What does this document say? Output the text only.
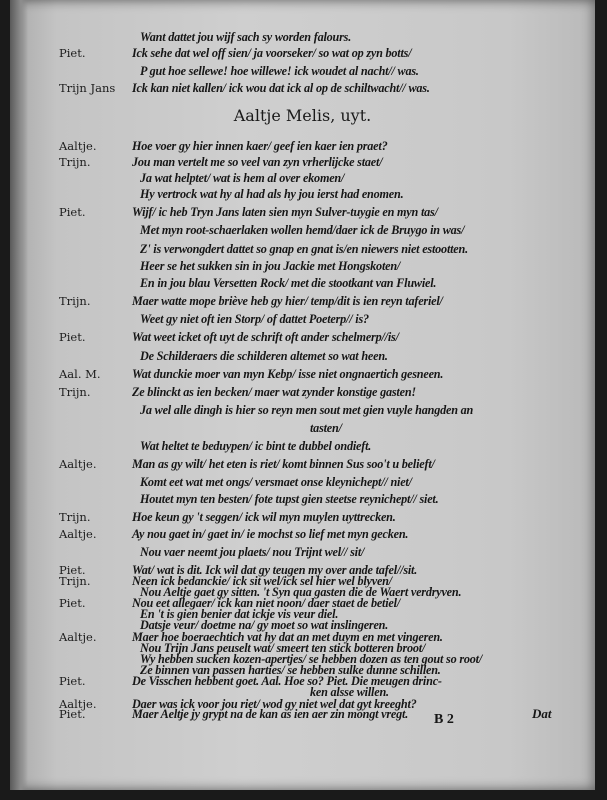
Want dattet jou wijf sach sy worden falours.
Piet.	Ick sehe dat wel off sien/ ja voorseker/ so wat op zyn botts/
P gut hoe sellewe! hoe willewe! ick woudet al nacht// was.
Trijn Jans Ick kan niet kallen/ ick wou dat ick al op de schiltwacht// was.
Aaltje.	Hoe voer gy hier innen kaer/ geef ien kaer ien praet?
Trijn.	Jou man vertelt me so veel van zyn vrherlijcke staet/
Ja wat helptet/ wat is hem al over ekomen/
Hy vertrock wat hy al had als hy jou ierst had enomen.
Piet.	Wijf/ ic heb Tryn Jans laten sien myn Sulver-tuygie en myn tas/
Met myn root-schaerlaken wollen hemd/daer ick de Bruygo in was/
Z' is verwongdert dattet so gnap en gnat is/en niewers niet estootten.
Heer se het sukken sin in jou Jackie met Hongskoten/
En in jou blau Versetten Rock/ met die stootkant van Fluwiel.
Trijn.	Maer watte mope briève heb gy hier/ temp/dit is ien reyn taferiel/
Weet gy niet oft ien Storp/ of dattet Poeterp// is?
Piet.	Wat weet icket oft uyt de schrift oft ander schelmerp//is/
De Schilderaers die schilderen altemet so wat heen.
Aal. M.	Wat dunckie moer van myn Kebp/ isse niet ongnaertich gesneen.
Trijn.	Ze blinckt as ien becken/ maer wat zynder konstige gasten!
Ja wel alle dingh is hier so reyn men sout met gien vuyle hangden an
tasten/
Wat heltet te beduypen/ ic bint te dubbel ondieft.
Aaltje.	Man as gy wilt/ het eten is riet/ komt binnen Sus soo't u belieft/
Komt eet wat met ongs/ versmaet onse kleynichept// niet/
Houtet myn ten besten/ fote tupst gien steetse reynichept// siet.
Trijn.	Hoe keun gy 't seggen/ ick wil myn muylen uyttrecken.
Aaltje.	Ay nou gaet in/ gaet in/ ie mochst so lief met myn gecken.
Nou vaer neemt jou plaets/ nou Trijnt wel// sit/
Piet.	Wat/ wat is dit. Ick wil dat gy teugen my over ande tafel//sit.
Trijn.	Neen ick bedanckie/ ick sit wel/ick sel hier wel blyven/
Nou Aeltje gaet gy sitten. 't Syn qua gasten die de Waert verdryven.
Piet.	Nou eet allegaer/ ick kan niet noon/ daer staet de betiel/
En 't is gien benier dat ickje vis veur diel.
Datsje veur/ doetme na/ gy moet so wat inslingeren.
Aaltje.	Maer hoe boeraechtich vat hy dat an met duym en met vingeren.
Nou Trijn Jans peuselt wat/ smeert ten stick botteren broot/
Wy hebben sucken kozen-apertjes/ se hebben dozen as ten gout so root/
Ze binnen van passen harties/ se hebben sulke dunne schillen.
Piet.	De Visschen hebbent goet. Aal. Hoe so? Piet. Die meugen drinc-
ken alsse willen.
Aaltje.	Daer was ick voor jou riet/ wod gy niet wel dat gyt kreeght?
Piet.	Maer Aeltje jy grypt na de kan as ien aer zin mongt vregt.
Aaltje Melis, uyt.
B 2	Dat
